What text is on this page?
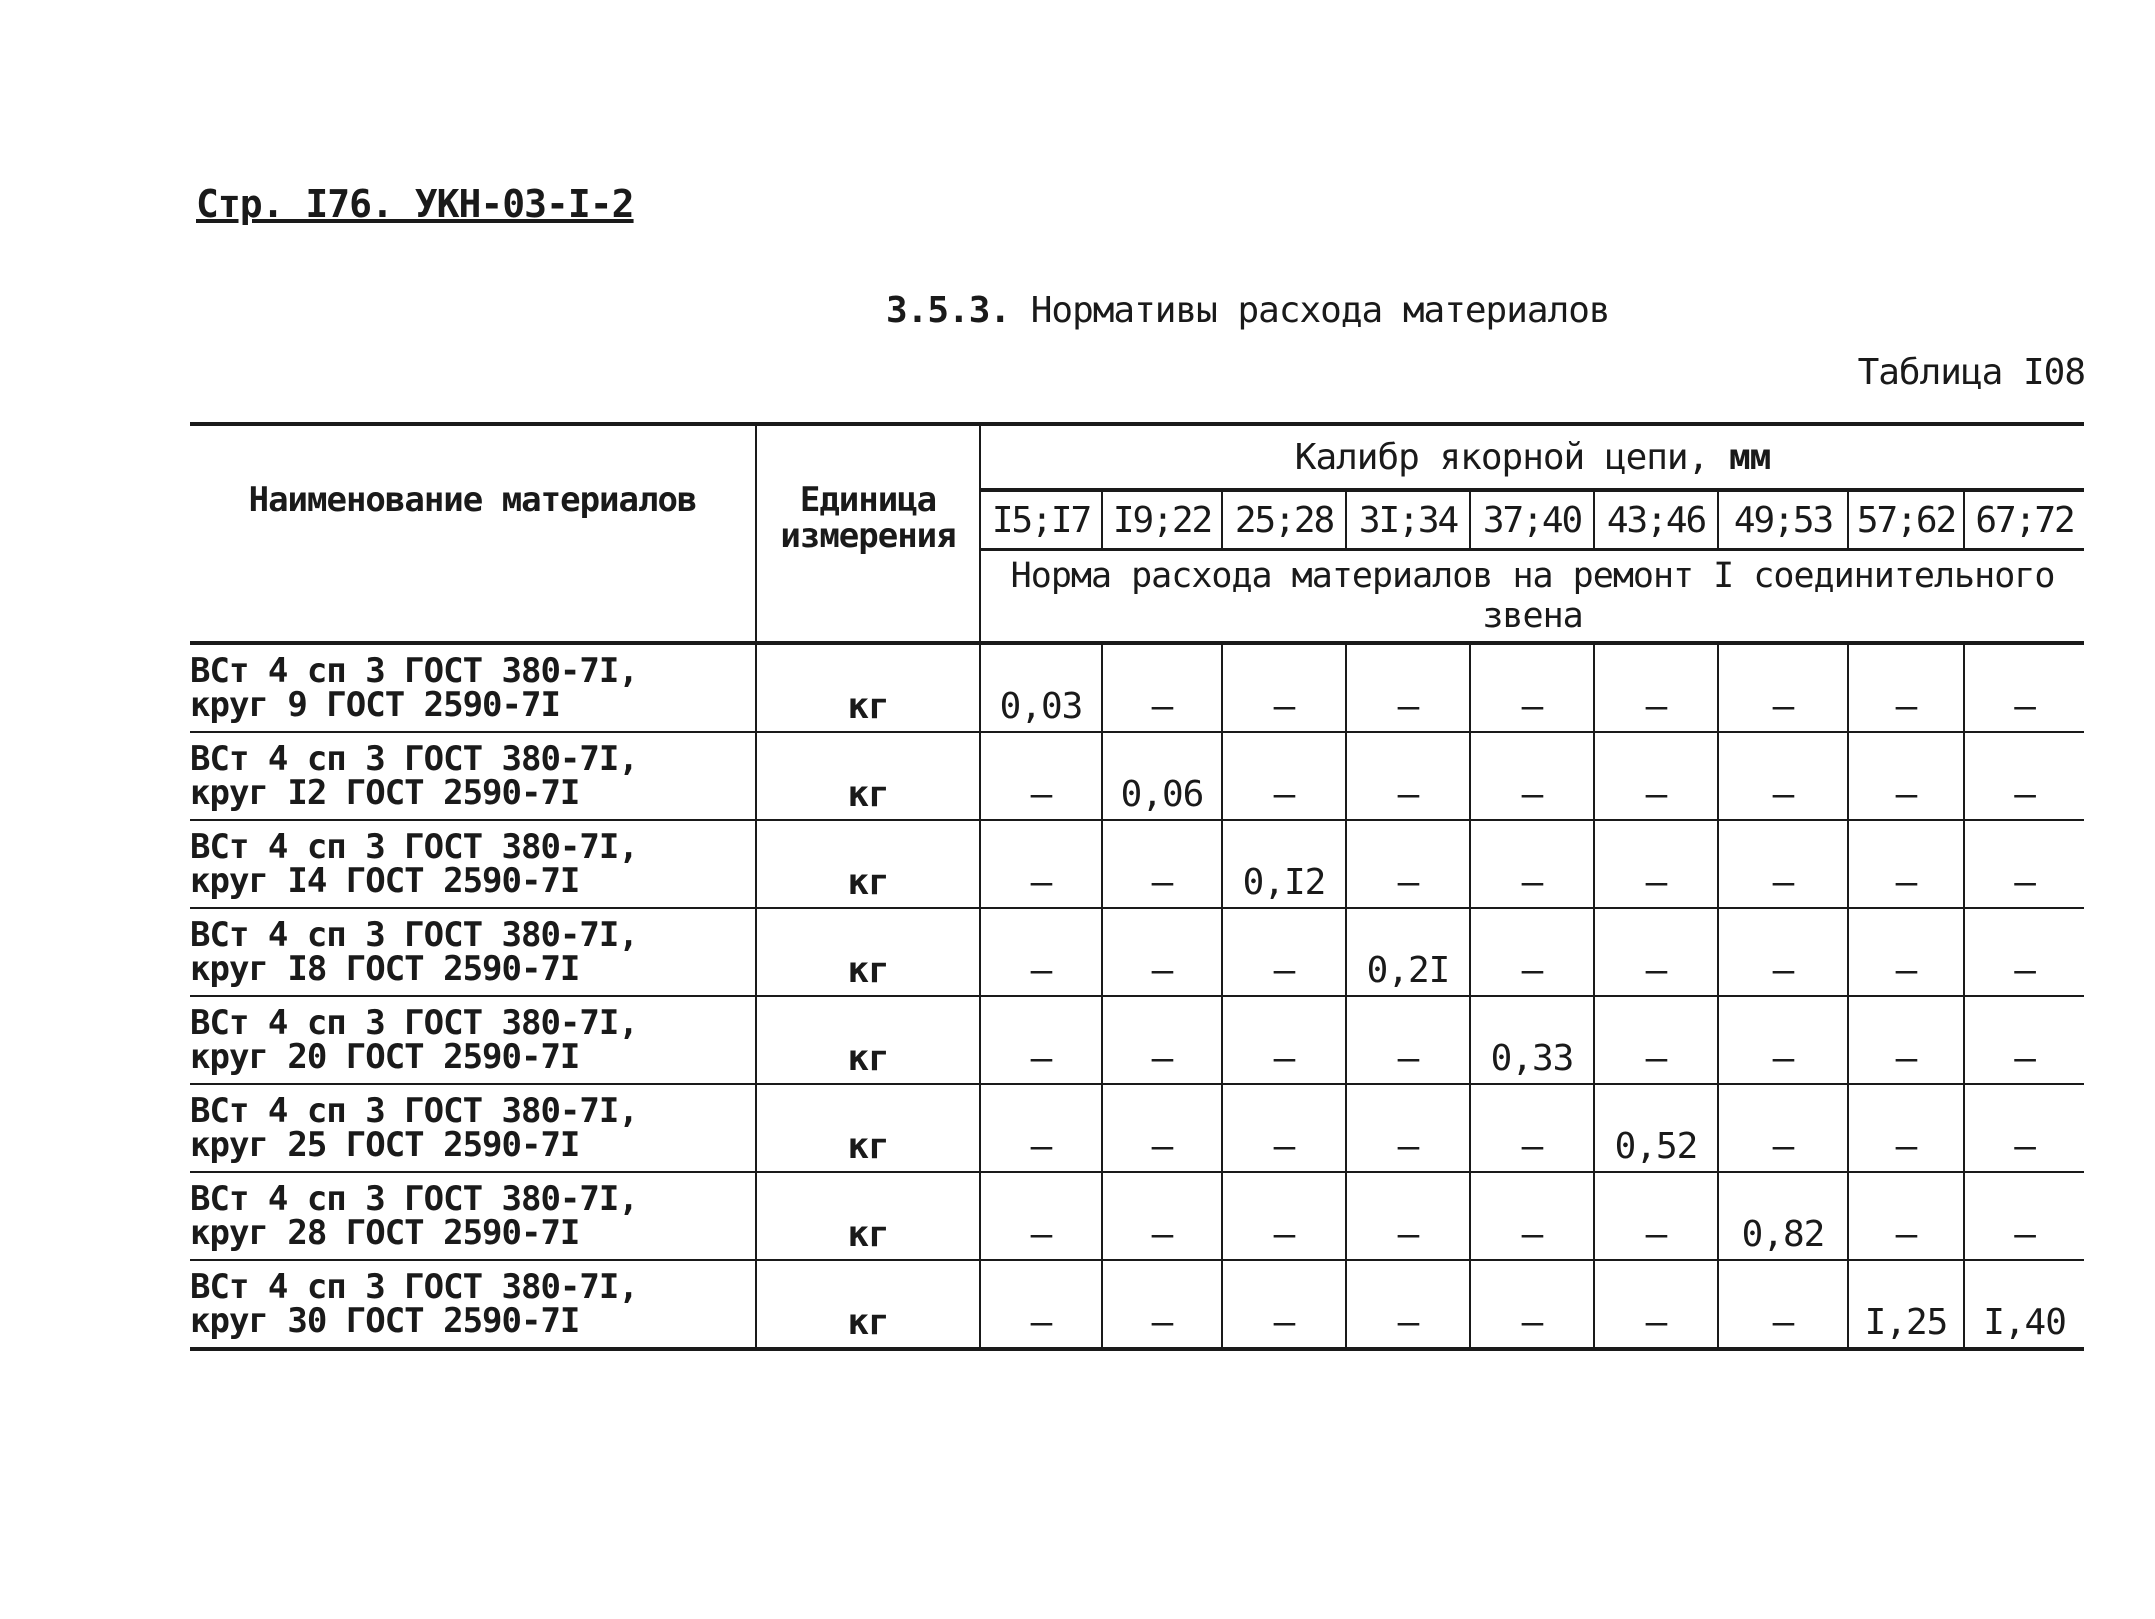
Стр. I76. УКН-03-I-2
3.5.3. Нормативы расхода материалов
Таблица I08
Наименование материалов	Единица измерения	Калибр якорной цепи, мм								
		I5;I7	I9;22	25;28	3I;34	37;40	43;46	49;53	57;62	67;72
		Норма расхода материалов на ремонт I соединительного звена								

ВСт 4 сп 3 ГОСТ 380-7I,
круг 9 ГОСТ 2590-7I	кг	0,03	–	–	–	–	–	–	–	–

ВСт 4 сп 3 ГОСТ 380-7I,
круг I2 ГОСТ 2590-7I	кг	–	0,06	–	–	–	–	–	–	–

ВСт 4 сп 3 ГОСТ 380-7I,
круг I4 ГОСТ 2590-7I	кг	–	–	0,I2	–	–	–	–	–	–

ВСт 4 сп 3 ГОСТ 380-7I,
круг I8 ГОСТ 2590-7I	кг	–	–	–	0,2I	–	–	–	–	–

ВСт 4 сп 3 ГОСТ 380-7I,
круг 20 ГОСТ 2590-7I	кг	–	–	–	–	0,33	–	–	–	–

ВСт 4 сп 3 ГОСТ 380-7I,
круг 25 ГОСТ 2590-7I	кг	–	–	–	–	–	0,52	–	–	–

ВСт 4 сп 3 ГОСТ 380-7I,
круг 28 ГОСТ 2590-7I	кг	–	–	–	–	–	–	0,82	–	–

ВСт 4 сп 3 ГОСТ 380-7I,
круг 30 ГОСТ 2590-7I	кг	–	–	–	–	–	–	–	I,25	I,40
